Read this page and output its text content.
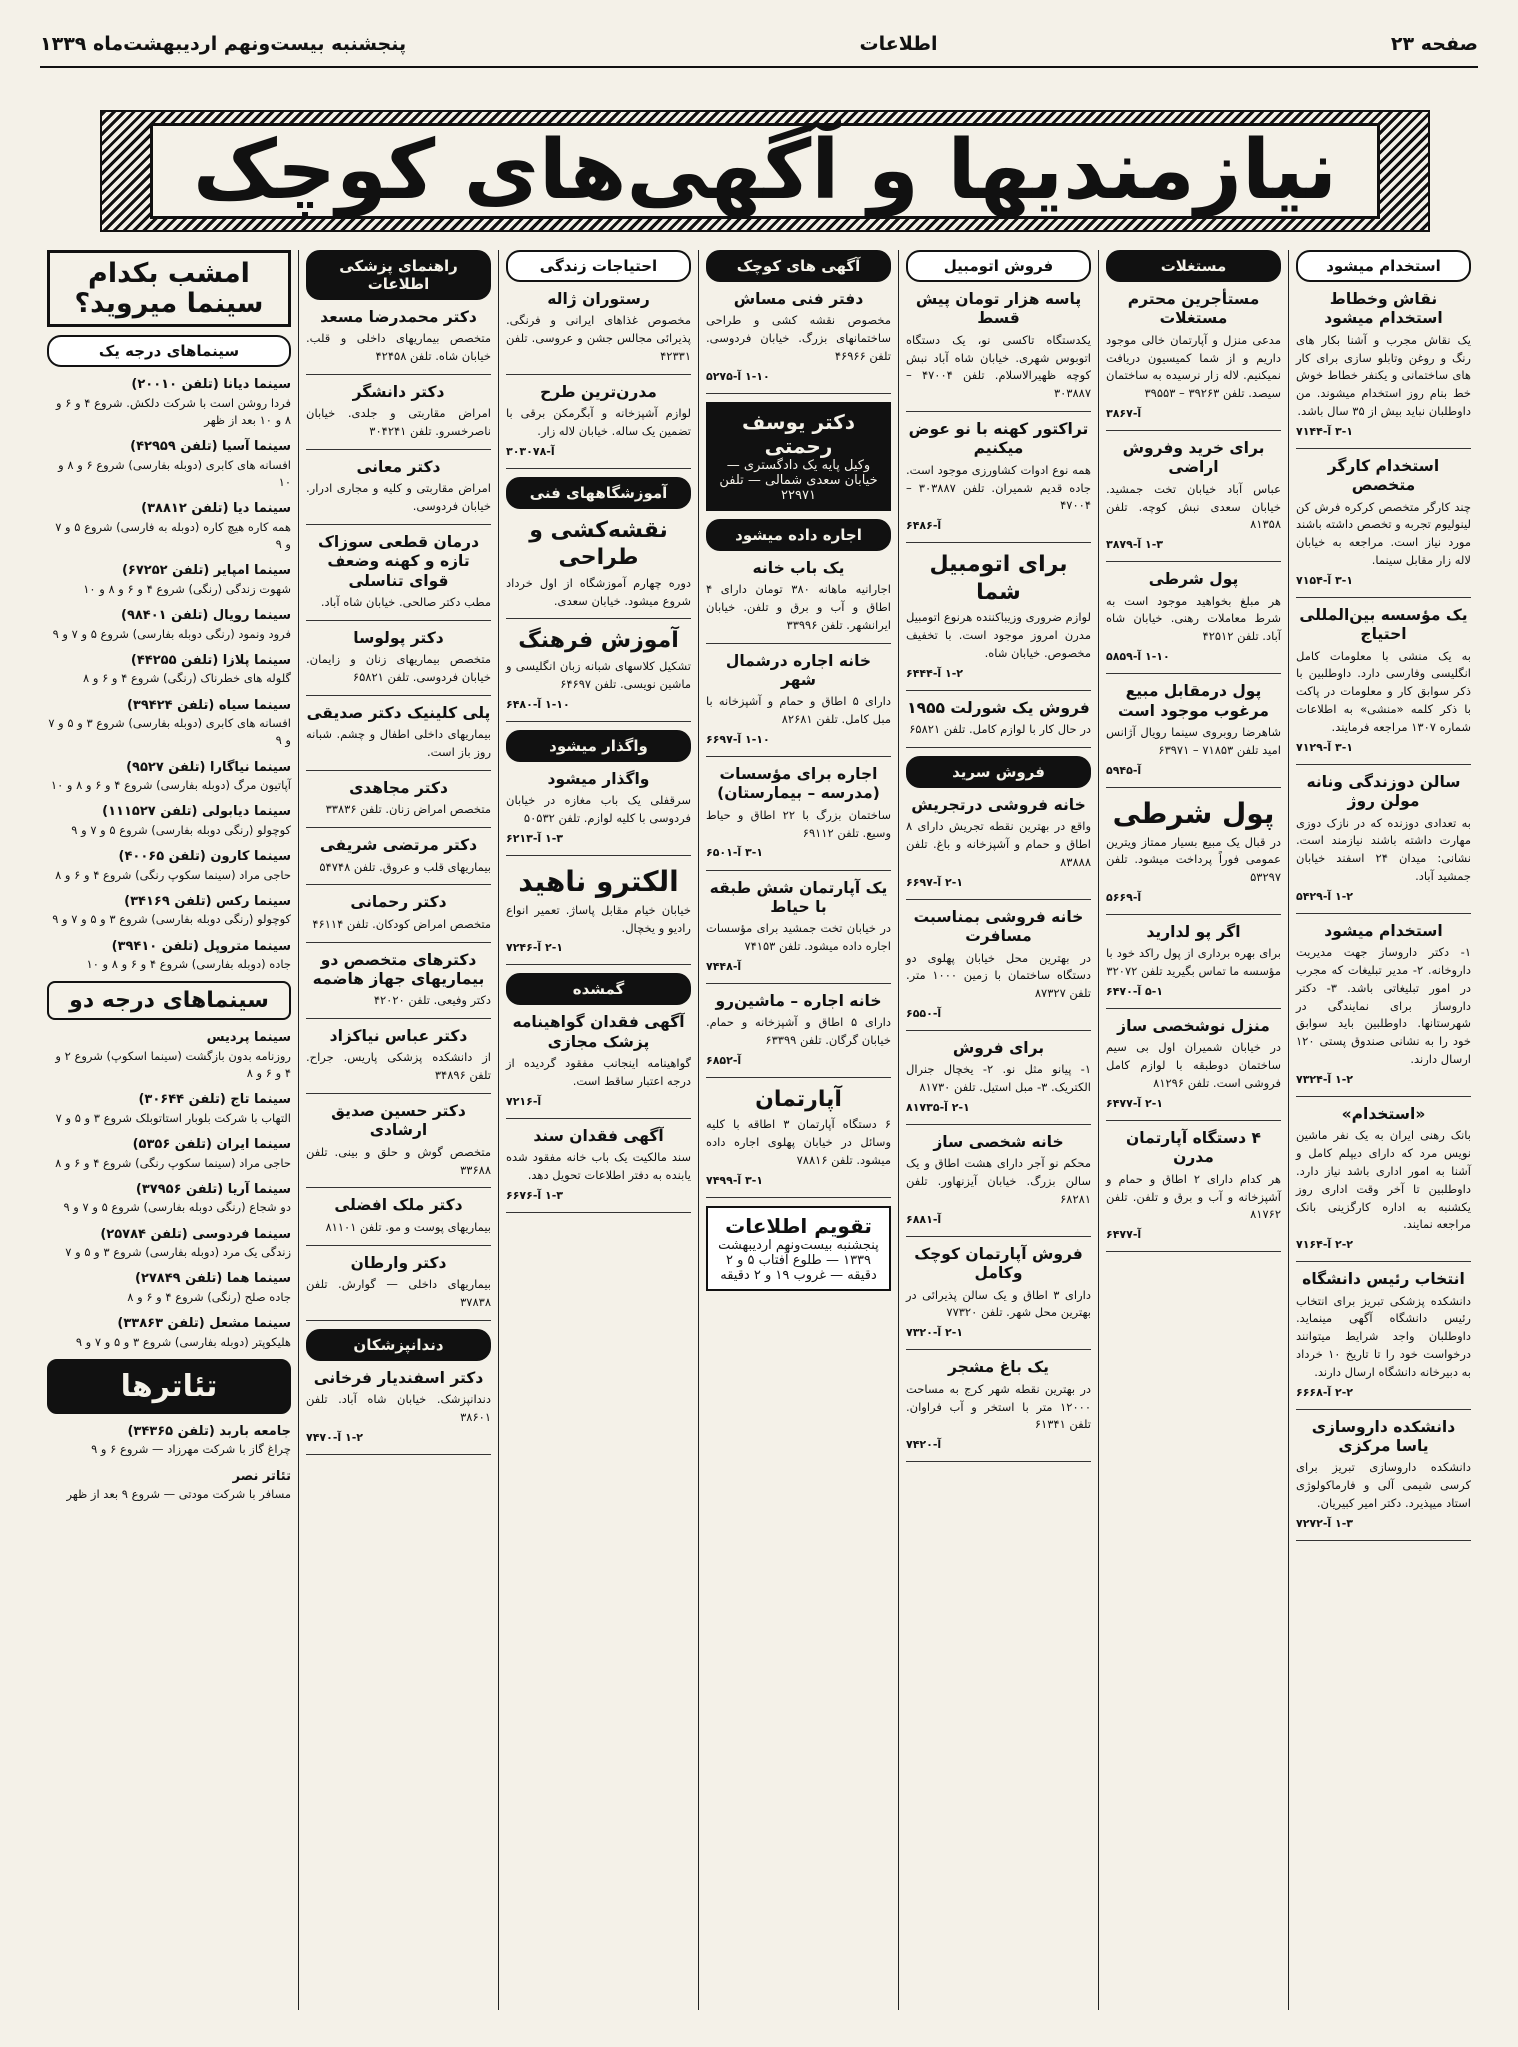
صفحه ۲۳
اطلاعات
پنجشنبه بیست‌ونهم اردیبهشت‌ماه ۱۳۳۹
نیازمندیها و آگهی‌های کوچک
استخدام میشود
نقاش وخطاط استخدام میشود
یک نقاش مجرب و آشنا بکار های رنگ و روغن وتابلو سازی برای کار های ساختمانی و یکنفر خطاط خوش خط بنام روز استخدام میشوند. من داوطلبان نباید بیش از ۳۵ سال باشد.
۳-۱ آ-۷۱۴۴
استخدام کارگر متخصص
چند کارگر متخصص کرکره فرش کن لینولیوم تجربه و تخصص داشته باشند مورد نیاز است. مراجعه به خیابان لاله زار مقابل سینما.
۳-۱ آ-۷۱۵۴
یک مؤسسه بین‌المللی احتیاج
به یک منشی با معلومات کامل انگلیسی وفارسی دارد. داوطلبین با ذکر سوابق کار و معلومات در پاکت با ذکر کلمه «منشی» به اطلاعات شماره ۱۳۰۷ مراجعه فرمایند.
۳-۱ آ-۷۱۲۹
سالن دوزندگی ونانه مولن روژ
به تعدادی دوزنده که در نازک دوزی مهارت داشته باشند نیازمند است. نشانی: میدان ۲۴ اسفند خیابان جمشید آباد.
۱-۲ آ-۵۴۲۹
استخدام میشود
۱- دکتر داروساز جهت مدیریت داروخانه. ۲- مدیر تبلیغات که مجرب در امور تبلیغاتی باشد. ۳- دکتر داروساز برای نمایندگی در شهرستانها. داوطلبین باید سوابق خود را به نشانی صندوق پستی ۱۲۰ ارسال دارند.
۱-۲ آ-۷۳۲۴
«استخدام»
بانک رهنی ایران به یک نفر ماشین نویس مرد که دارای دیپلم کامل و آشنا به امور اداری باشد نیاز دارد. داوطلبین تا آخر وقت اداری روز یکشنبه به اداره کارگزینی بانک مراجعه نمایند.
۲-۲ آ-۷۱۶۴
انتخاب رئیس دانشگاه
دانشکده پزشکی تبریز برای انتخاب رئیس دانشگاه آگهی مینماید. داوطلبان واجد شرایط میتوانند درخواست خود را تا تاریخ ۱۰ خرداد به دبیرخانه دانشگاه ارسال دارند.
۲-۲ آ-۶۶۶۸
دانشکده داروسازی یاسا مرکزی
دانشکده داروسازی تبریز برای کرسی شیمی آلی و فارماکولوژی استاد میپذیرد. دکتر امیر کبیریان.
۱-۳ آ-۷۲۷۲
مستغلات
مستأجرین محترم مستغلات
مدعی منزل و آپارتمان خالی موجود داریم و از شما کمیسیون دریافت نمیکنیم. لاله زار نرسیده به ساختمان سیصد. تلفن ۳۹۲۶۳ – ۳۹۵۵۳
آ-۳۸۶۷
برای خرید وفروش اراضی
عباس آباد خیابان تخت جمشید. خیابان سعدی نبش کوچه. تلفن ۸۱۳۵۸
۱-۳ آ-۳۸۷۹
پول شرطی
هر مبلغ بخواهید موجود است به شرط معاملات رهنی. خیابان شاه آباد. تلفن ۴۲۵۱۲
۱-۱۰ آ-۵۸۵۹
پول درمقابل مبیع مرغوب موجود است
شاهرضا روبروی سینما رویال آژانس امید تلفن ۷۱۸۵۳ – ۶۳۹۷۱
آ-۵۹۴۵
پول شرطی
در قبال یک مبیع بسیار ممتاز ویترین عمومی فوراً پرداخت میشود. تلفن ۵۳۲۹۷
آ-۵۶۶۹
اگر پو لدارید
برای بهره برداری از پول راکد خود با مؤسسه ما تماس بگیرید تلفن ۳۲۰۷۲
۵-۱ آ-۶۴۷۰
منزل نوشخصی ساز
در خیابان شمیران اول بی سیم ساختمان دوطبقه با لوازم کامل فروشی است. تلفن ۸۱۲۹۶
۲-۱ آ-۶۴۷۷
۴ دستگاه آپارتمان مدرن
هر کدام دارای ۲ اطاق و حمام و آشپزخانه و آب و برق و تلفن. تلفن ۸۱۷۶۲
آ-۶۴۷۷
فروش اتومبیل
پاسه هزار تومان پیش قسط
یکدستگاه تاکسی نو، یک دستگاه اتوبوس شهری. خیابان شاه آباد نبش کوچه ظهیرالاسلام. تلفن ۴۷۰۰۴ – ۳۰۳۸۸۷
تراکتور کهنه با نو عوض میکنیم
همه نوع ادوات کشاورزی موجود است. جاده قدیم شمیران. تلفن ۳۰۳۸۸۷ – ۴۷۰۰۴
آ-۶۴۸۶
برای اتومبیل شما
لوازم ضروری وزیباکننده هرنوع اتومبیل مدرن امروز موجود است. با تخفیف مخصوص. خیابان شاه.
۱-۲ آ-۶۴۴۴
فروش یک شورلت ۱۹۵۵
در حال کار با لوازم کامل. تلفن ۶۵۸۲۱
فروش سرید
خانه فروشی درتجریش
واقع در بهترین نقطه تجریش دارای ۸ اطاق و حمام و آشپزخانه و باغ. تلفن ۸۳۸۸۸
۲-۱ آ-۶۶۹۷
خانه فروشی بمناسبت مسافرت
در بهترین محل خیابان پهلوی دو دستگاه ساختمان با زمین ۱۰۰۰ متر. تلفن ۸۷۳۲۷
آ-۶۵۵۰
برای فروش
۱- پیانو مثل نو. ۲- یخچال جنرال الکتریک. ۳- مبل استیل. تلفن ۸۱۷۳۰
۲-۱ آ-۸۱۷۳۵
خانه شخصی ساز
محکم نو آجر دارای هشت اطاق و یک سالن بزرگ. خیابان آیزنهاور. تلفن ۶۸۲۸۱
آ-۶۸۸۱
فروش آپارتمان کوچک وکامل
دارای ۳ اطاق و یک سالن پذیرائی در بهترین محل شهر. تلفن ۷۷۳۲۰
۲-۱ آ-۷۳۲۰
یک باغ مشجر
در بهترین نقطه شهر کرج به مساحت ۱۲۰۰۰ متر با استخر و آب فراوان. تلفن ۶۱۳۴۱
آ-۷۴۲۰
آگهی های کوچک
دفتر فنی مساش
مخصوص نقشه کشی و طراحی ساختمانهای بزرگ. خیابان فردوسی. تلفن ۴۶۹۶۶
۱-۱۰ آ-۵۲۷۵
دکتر یوسف رحمتی
وکیل پایه یک دادگستری — خیابان سعدی شمالی — تلفن ۲۲۹۷۱
اجاره داده میشود
یک باب خانه
اجارانیه ماهانه ۳۸۰ تومان دارای ۴ اطاق و آب و برق و تلفن. خیابان ایرانشهر. تلفن ۳۳۹۹۶
خانه اجاره درشمال شهر
دارای ۵ اطاق و حمام و آشپزخانه با مبل کامل. تلفن ۸۲۶۸۱
۱-۱۰ آ-۶۶۹۷
اجاره برای مؤسسات (مدرسه – بیمارستان)
ساختمان بزرگ با ۲۲ اطاق و حیاط وسیع. تلفن ۶۹۱۱۲
۳-۱ آ-۶۵۰۱
یک آپارتمان شش طبقه با حیاط
در خیابان تخت جمشید برای مؤسسات اجاره داده میشود. تلفن ۷۴۱۵۳
آ-۷۴۴۸
خانه اجاره – ماشین‌رو
دارای ۵ اطاق و آشپزخانه و حمام. خیابان گرگان. تلفن ۶۳۳۹۹
آ-۶۸۵۲
آپارتمان
۶ دستگاه آپارتمان ۳ اطاقه با کلیه وسائل در خیابان پهلوی اجاره داده میشود. تلفن ۷۸۸۱۶
۳-۱ آ-۷۴۹۹
تقویم اطلاعات
پنجشنبه بیست‌ونهم اردیبهشت ۱۳۳۹ — طلوع آفتاب ۵ و ۲ دقیقه — غروب ۱۹ و ۲ دقیقه
احتیاجات زندگی
رستوران ژاله
مخصوص غذاهای ایرانی و فرنگی. پذیرائی مجالس جشن و عروسی. تلفن ۴۲۳۳۱
مدرن‌ترین طرح
لوازم آشپزخانه و آبگرمکن برقی با تضمین یک ساله. خیابان لاله زار.
آ-۳۰۳۰۷۸
آموزشگاههای فنی
نقشه‌کشی و طراحی
دوره چهارم آموزشگاه از اول خرداد شروع میشود. خیابان سعدی.
آموزش فرهنگ
تشکیل کلاسهای شبانه زبان انگلیسی و ماشین نویسی. تلفن ۶۴۶۹۷
۱-۱۰ آ-۶۴۸۰
واگذار میشود
واگذار میشود
سرقفلی یک باب مغازه در خیابان فردوسی با کلیه لوازم. تلفن ۵۰۵۳۲
۱-۳ آ-۶۲۱۳
الکترو ناهید
خیابان خیام مقابل پاساژ. تعمیر انواع رادیو و یخچال.
۲-۱ آ-۷۲۴۶
گمشده
آگهی فقدان گواهینامه پزشک مجازی
گواهینامه اینجانب مفقود گردیده از درجه اعتبار ساقط است.
آ-۷۲۱۶
آگهی فقدان سند
سند مالکیت یک باب خانه مفقود شده یابنده به دفتر اطلاعات تحویل دهد.
۱-۳ آ-۶۶۷۶
راهنمای پزشکی اطلاعات
دکتر محمدرضا مسعد
متخصص بیماریهای داخلی و قلب. خیابان شاه. تلفن ۴۲۴۵۸
دکتر دانشگر
امراض مقاربتی و جلدی. خیابان ناصرخسرو. تلفن ۳۰۴۲۴۱
دکتر معانی
امراض مقاربتی و کلیه و مجاری ادرار. خیابان فردوسی.
درمان قطعی سوزاک تازه و کهنه وضعف قوای تناسلی
مطب دکتر صالحی. خیابان شاه آباد.
دکتر پولوسا
متخصص بیماریهای زنان و زایمان. خیابان فردوسی. تلفن ۶۵۸۲۱
پلی کلینیک دکتر صدیقی
بیماریهای داخلی اطفال و چشم. شبانه روز باز است.
دکتر مجاهدی
متخصص امراض زنان. تلفن ۳۳۸۳۶
دکتر مرتضی شریفی
بیماریهای قلب و عروق. تلفن ۵۴۷۴۸
دکتر رحمانی
متخصص امراض کودکان. تلفن ۴۶۱۱۴
دکترهای متخصص دو بیماریهای جهاز هاضمه
دکتر وفیعی. تلفن ۴۲۰۲۰
دکتر عباس نیاکزاد
از دانشکده پزشکی پاریس. جراح. تلفن ۳۴۸۹۶
دکتر حسین صدیق ارشادی
متخصص گوش و حلق و بینی. تلفن ۳۳۶۸۸
دکتر ملک افضلی
بیماریهای پوست و مو. تلفن ۸۱۱۰۱
دکتر وارطان
بیماریهای داخلی — گوارش. تلفن ۳۷۸۳۸
دندانپزشکان
دکتر اسفندیار فرخانی
دندانپزشک. خیابان شاه آباد. تلفن ۳۸۶۰۱
۱-۲ آ-۷۴۷۰
امشب بکدام سینما میروید؟
سینماهای درجه یک
سینما دیانا (تلفن ۲۰۰۱۰)
فردا روشن است با شرکت دلکش. شروع ۴ و ۶ و ۸ و ۱۰ بعد از ظهر
سینما آسیا (تلفن ۴۲۹۵۹)
افسانه های کابری (دوبله بفارسی) شروع ۶ و ۸ و ۱۰
سینما دیا (تلفن ۳۸۸۱۲)
همه کاره هیچ کاره (دوبله به فارسی) شروع ۵ و ۷ و ۹
سینما امپایر (تلفن ۶۷۲۵۲)
شهوت زندگی (رنگی) شروع ۴ و ۶ و ۸ و ۱۰
سینما رویال (تلفن ۹۸۴۰۱)
فرود ونمود (رنگی دوبله بفارسی) شروع ۵ و ۷ و ۹
سینما پلازا (تلفن ۴۴۲۵۵)
گلوله های خطرناک (رنگی) شروع ۴ و ۶ و ۸
سینما سیاه (تلفن ۳۹۴۲۴)
افسانه های کابری (دوبله بفارسی) شروع ۳ و ۵ و ۷ و ۹
سینما نیاگارا (تلفن ۹۵۲۷)
آپاتیون مرگ (دوبله بفارسی) شروع ۴ و ۶ و ۸ و ۱۰
سینما دیابولی (تلفن ۱۱۱۵۲۷)
کوچولو (رنگی دوبله بفارسی) شروع ۵ و ۷ و ۹
سینما کارون (تلفن ۴۰۰۶۵)
حاجی مراد (سینما سکوپ رنگی) شروع ۴ و ۶ و ۸
سینما رکس (تلفن ۳۴۱۶۹)
کوچولو (رنگی دوبله بفارسی) شروع ۳ و ۵ و ۷ و ۹
سینما متروپل (تلفن ۳۹۴۱۰)
جاده (دوبله بفارسی) شروع ۴ و ۶ و ۸ و ۱۰
سینماهای درجه دو
سینما پردیس
روزنامه بدون بازگشت (سینما اسکوپ) شروع ۲ و ۴ و ۶ و ۸
سینما تاج (تلفن ۳۰۶۴۴)
التهاب با شرکت بلوبار استاتوبلک شروع ۳ و ۵ و ۷
سینما ایران (تلفن ۵۳۵۶)
حاجی مراد (سینما سکوپ رنگی) شروع ۴ و ۶ و ۸
سینما آریا (تلفن ۳۷۹۵۶)
دو شجاع (رنگی دوبله بفارسی) شروع ۵ و ۷ و ۹
سینما فردوسی (تلفن ۲۵۷۸۴)
زندگی یک مرد (دوبله بفارسی) شروع ۳ و ۵ و ۷
سینما هما (تلفن ۲۷۸۴۹)
جاده صلح (رنگی) شروع ۴ و ۶ و ۸
سینما مشعل (تلفن ۳۳۸۶۳)
هلیکوپتر (دوبله بفارسی) شروع ۳ و ۵ و ۷ و ۹
تئاترها
جامعه باربد (تلفن ۳۴۳۶۵)
چراغ گاز با شرکت مهرزاد — شروع ۶ و ۹
تئاتر نصر
مسافر با شرکت مودتی — شروع ۹ بعد از ظهر
